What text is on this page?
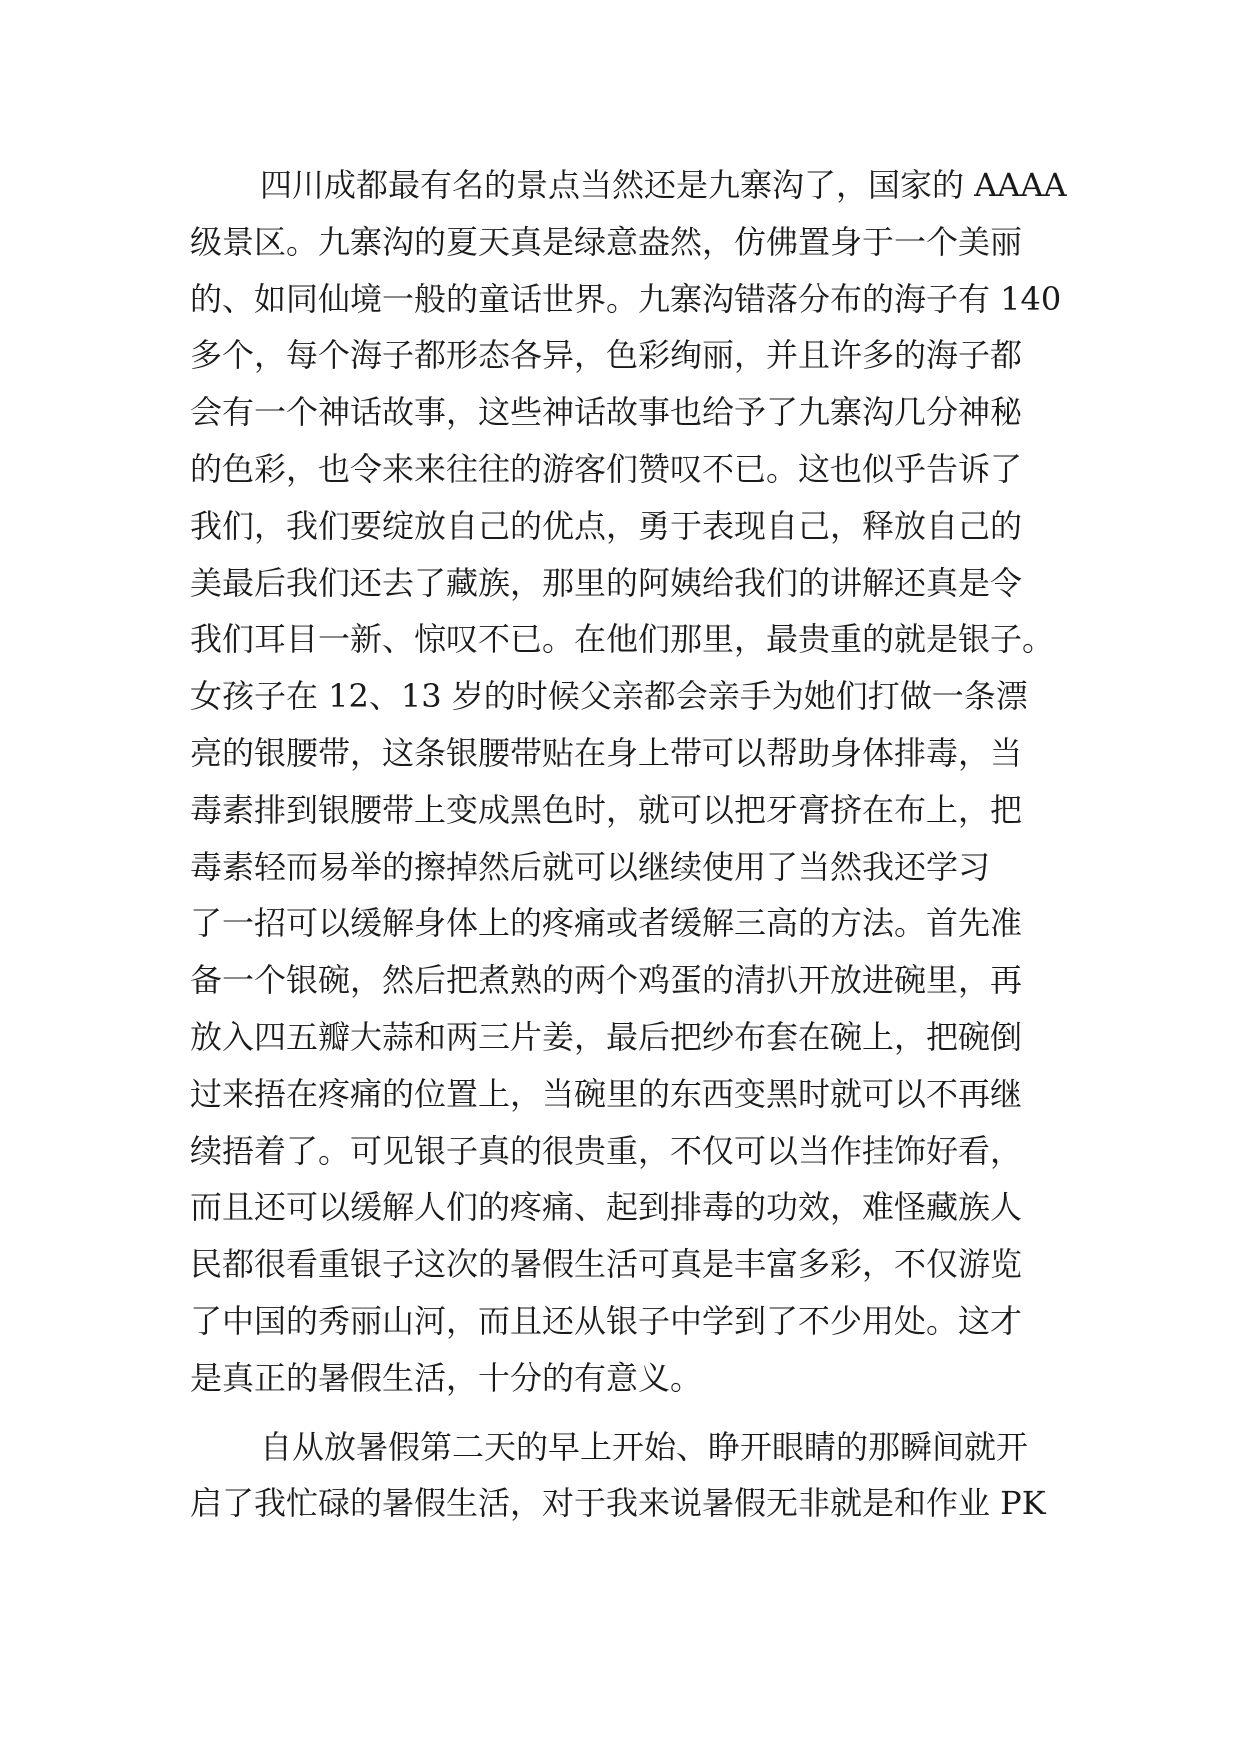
四川成都最有名的景点当然还是九寨沟了，国家的 AAAA
级景区。九寨沟的夏天真是绿意盎然，仿佛置身于一个美丽
的、如同仙境一般的童话世界。九寨沟错落分布的海子有 140
多个，每个海子都形态各异，色彩绚丽，并且许多的海子都
会有一个神话故事，这些神话故事也给予了九寨沟几分神秘
的色彩，也令来来往往的游客们赞叹不已。这也似乎告诉了
我们，我们要绽放自己的优点，勇于表现自己，释放自己的
美最后我们还去了藏族，那里的阿姨给我们的讲解还真是令
我们耳目一新、惊叹不已。在他们那里，最贵重的就是银子。
女孩子在 12、13 岁的时候父亲都会亲手为她们打做一条漂
亮的银腰带，这条银腰带贴在身上带可以帮助身体排毒，当
毒素排到银腰带上变成黑色时，就可以把牙膏挤在布上，把
毒素轻而易举的擦掉然后就可以继续使用了当然我还学习
了一招可以缓解身体上的疼痛或者缓解三高的方法。首先准
备一个银碗，然后把煮熟的两个鸡蛋的清扒开放进碗里，再
放入四五瓣大蒜和两三片姜，最后把纱布套在碗上，把碗倒
过来捂在疼痛的位置上，当碗里的东西变黑时就可以不再继
续捂着了。可见银子真的很贵重，不仅可以当作挂饰好看，
而且还可以缓解人们的疼痛、起到排毒的功效，难怪藏族人
民都很看重银子这次的暑假生活可真是丰富多彩，不仅游览
了中国的秀丽山河，而且还从银子中学到了不少用处。这才
是真正的暑假生活，十分的有意义。
自从放暑假第二天的早上开始、睁开眼睛的那瞬间就开
启了我忙碌的暑假生活，对于我来说暑假无非就是和作业 PK
